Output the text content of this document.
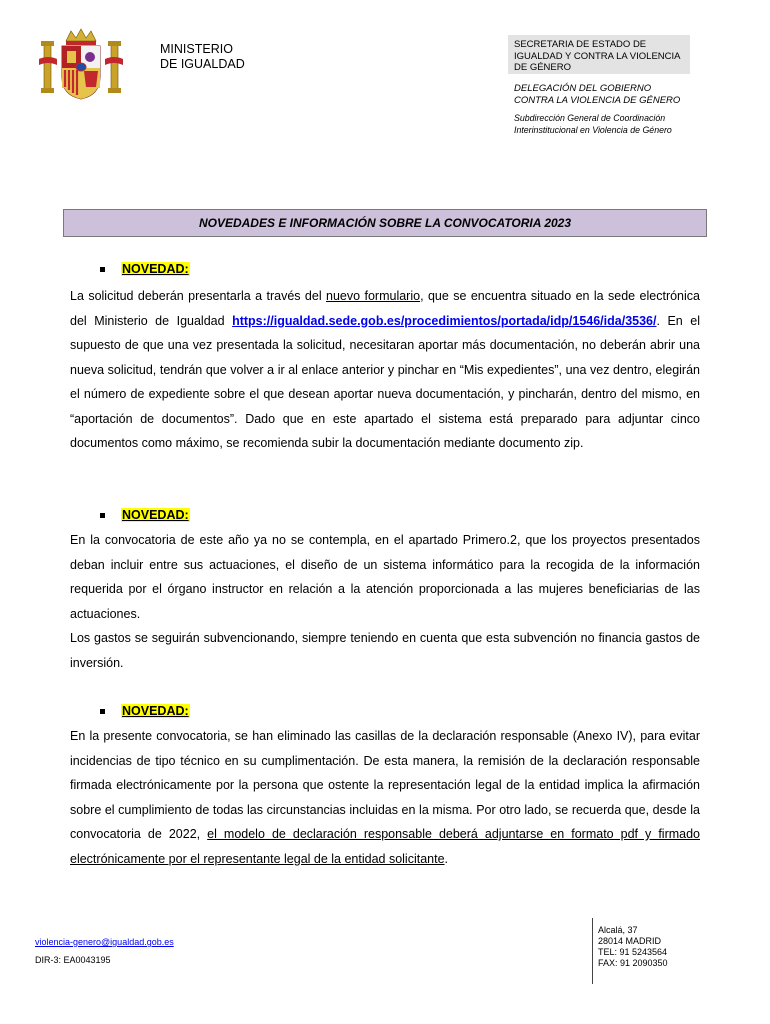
MINISTERIO
DE IGUALDAD
SECRETARIA DE ESTADO DE
IGUALDAD Y CONTRA LA VIOLENCIA
DE GÉNERO
DELEGACIÓN DEL GOBIERNO
CONTRA LA VIOLENCIA DE GÉNERO
Subdirección General de Coordinación
Interinstitucional en Violencia de Género
NOVEDADES E INFORMACIÓN SOBRE LA CONVOCATORIA 2023
NOVEDAD:
La solicitud deberán presentarla a través del nuevo formulario, que se encuentra situado en la sede electrónica del Ministerio de Igualdad https://igualdad.sede.gob.es/procedimientos/portada/idp/1546/ida/3536/. En el supuesto de que una vez presentada la solicitud, necesitaran aportar más documentación, no deberán abrir una nueva solicitud, tendrán que volver a ir al enlace anterior y pinchar en “Mis expedientes”, una vez dentro, elegirán el número de expediente sobre el que desean aportar nueva documentación, y pincharán, dentro del mismo, en “aportación de documentos”. Dado que en este apartado el sistema está preparado para adjuntar cinco documentos como máximo, se recomienda subir la documentación mediante documento zip.
NOVEDAD:
En la convocatoria de este año ya no se contempla, en el apartado Primero.2, que los proyectos presentados deban incluir entre sus actuaciones, el diseño de un sistema informático para la recogida de la información requerida por el órgano instructor en relación a la atención proporcionada a las mujeres beneficiarias de las actuaciones.
Los gastos se seguirán subvencionando, siempre teniendo en cuenta que esta subvención no financia gastos de inversión.
NOVEDAD:
En la presente convocatoria, se han eliminado las casillas de la declaración responsable (Anexo IV), para evitar incidencias de tipo técnico en su cumplimentación. De esta manera, la remisión de la declaración responsable firmada electrónicamente por la persona que ostente la representación legal de la entidad implica la afirmación sobre el cumplimiento de todas las circunstancias incluidas en la misma. Por otro lado, se recuerda que, desde la convocatoria de 2022, el modelo de declaración responsable deberá adjuntarse en formato pdf y firmado electrónicamente por el representante legal de la entidad solicitante.
violencia-genero@igualdad.gob.es
DIR-3: EA0043195
Alcalá, 37
28014 MADRID
TEL: 91 5243564
FAX: 91 2090350
